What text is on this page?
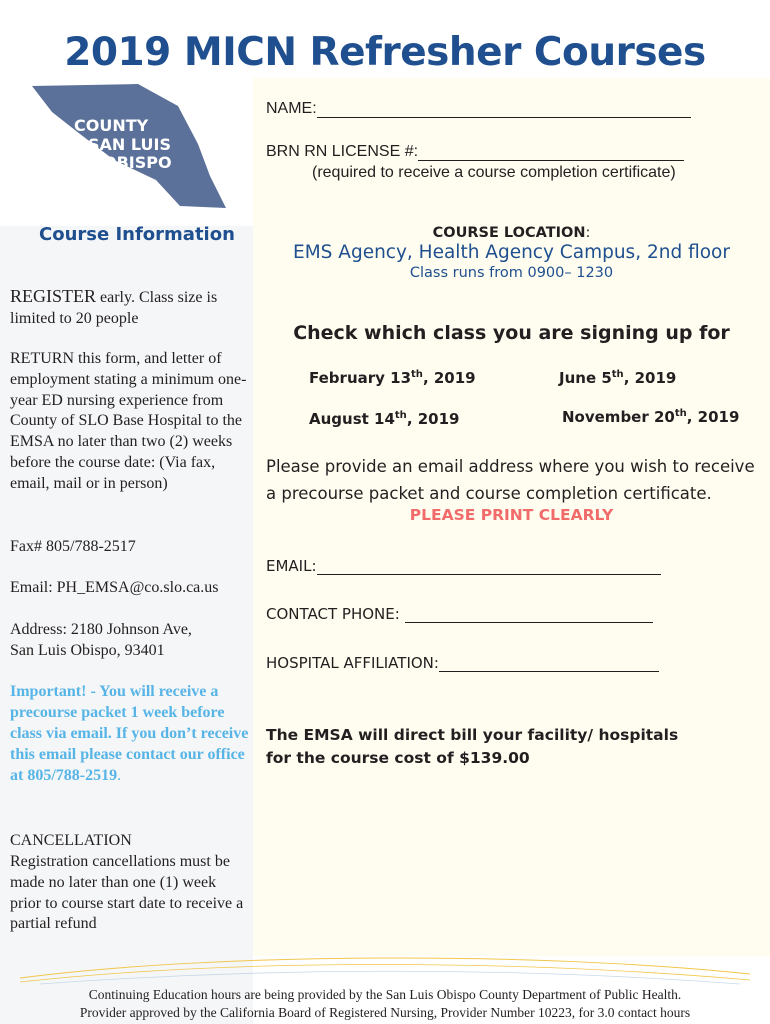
2019 MICN Refresher Courses
COUNTY
of SAN LUIS
OBISPO
Course Information
REGISTER early. Class size is limited to 20 people
RETURN this form, and letter of employment stating a minimum one-year ED nursing experience from County of SLO Base Hospital to the EMSA no later than two (2) weeks before the course date: (Via fax, email, mail or in person)
Fax# 805/788-2517
Email: PH_EMSA@co.slo.ca.us
Address: 2180 Johnson Ave,
San Luis Obispo, 93401
Important! - You will receive a precourse packet 1 week before class via email. If you don’t receive this email please contact our office at 805/788-2519.
CANCELLATION
Registration cancellations must be made no later than one (1) week prior to course start date to receive a partial refund
NAME:
BRN RN LICENSE #:
(required to receive a course completion certificate)
COURSE LOCATION:
EMS Agency, Health Agency Campus, 2nd floor
Class runs from 0900– 1230
Check which class you are signing up for
February 13th, 2019	June 5th, 2019
August 14th, 2019	November 20th, 2019
Please provide an email address where you wish to receive a precourse packet and course completion certificate.
PLEASE PRINT CLEARLY
EMAIL:
CONTACT PHONE:
HOSPITAL AFFILIATION:
The EMSA will direct bill your facility/ hospitals for the course cost of $139.00
Continuing Education hours are being provided by the San Luis Obispo County Department of Public Health.
Provider approved by the California Board of Registered Nursing, Provider Number 10223, for 3.0 contact hours
